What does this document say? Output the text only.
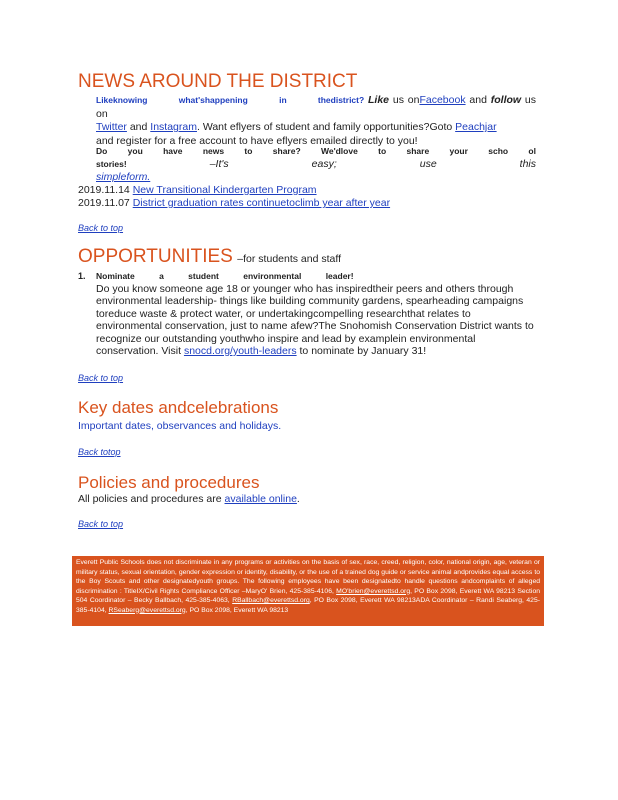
NEWS AROUND THE DISTRICT
Likeknowing what'shappening in thedistrict? Like us onFacebook and follow us on
Twitter and Instagram. Want eflyers of student and family opportunities?Goto Peachjar
and register for a free account to have eflyers emailed directly to you!
Do you have news to share? We'dlove to share your scho ol stories!	–It's easy; use this
simpleform.
2019.11.14 New Transitional Kindergarten Program
2019.11.07 District graduation rates continuetoclimb year after year
Back to top
OPPORTUNITIES –for students and staff
1. Nominate a student environmental leader!
Do you know someone age 18 or younger who has inspiredtheir peers and others through environmental leadership- things like building community gardens, spearheading campaigns toreduce waste & protect water, or undertakingcompelling researchthat relates to environmental conservation, just to name afew?The Snohomish Conservation District wants to recognize our outstanding youthwho inspire and lead by examplein environmental conservation. Visit snocd.org/youth-leaders to nominate by January 31!
Back to top
Key dates andcelebrations
Important dates, observances and holidays.
Back totop
Policies and procedures
All policies and procedures are available online.
Back to top
Everett Public Schools does not discriminate in any programs or activities on the basis of sex, race, creed, religion, color, national origin, age, veteran or military status, sexual orientation, gender expression or identity, disability, or the use of a trained dog guide or service animal andprovides equal access to the Boy Scouts and other designatedyouth groups. The following employees have been designatedto handle questions andcomplaints of alleged discrimination : TitleIX/Civil Rights Compliance Officer –MaryO' Brien, 425-385-4106, MO'brien@everettsd.org, PO Box 2098, Everett WA 98213 Section 504 Coordinator – Becky Ballbach, 425-385-4063, RBallbach@everettsd.org, PO Box 2098, Everett WA 98213ADA Coordinator – Randi Seaberg, 425-385-4104, RSeaberg@everettsd.org, PO Box 2098, Everett WA 98213
